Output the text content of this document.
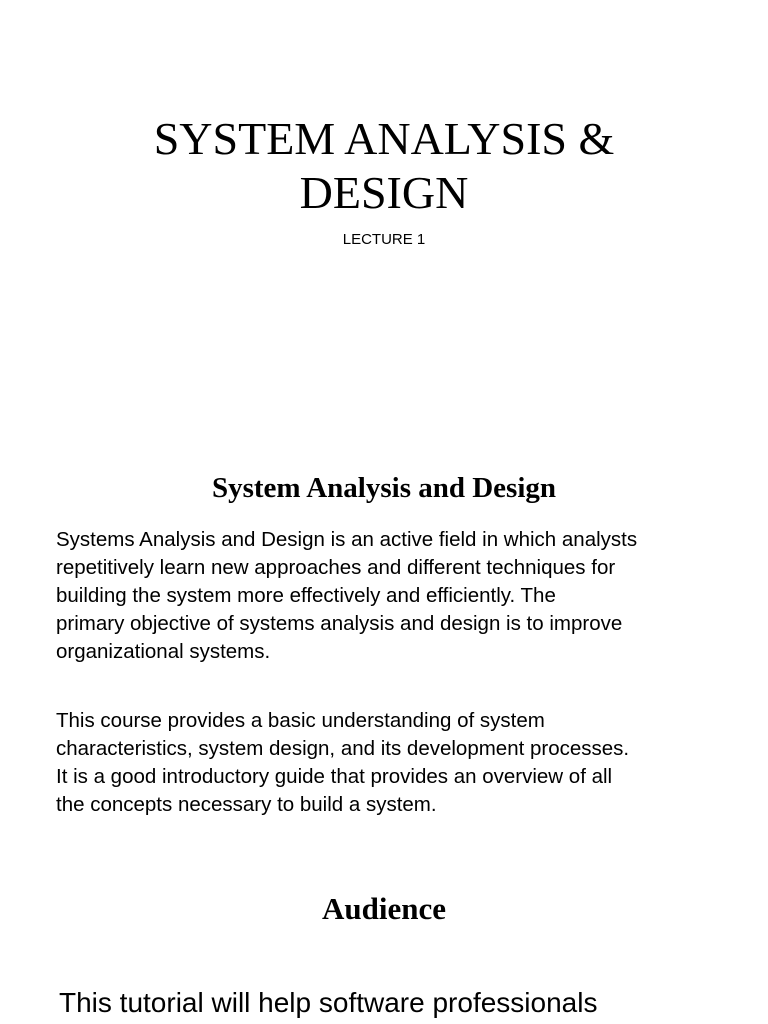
SYSTEM ANALYSIS &
DESIGN

LECTURE 1

System Analysis and Design
Systems Analysis and Design is an active field in which analysts
repetitively learn new approaches and different techniques for
building the system more effectively and efficiently. The
primary objective of systems analysis and design is to improve
organizational systems.
This course provides a basic understanding of system
characteristics, system design, and its development processes.
It is a good introductory guide that provides an overview of all
the concepts necessary to build a system.
Audience

This tutorial will help software professionals
